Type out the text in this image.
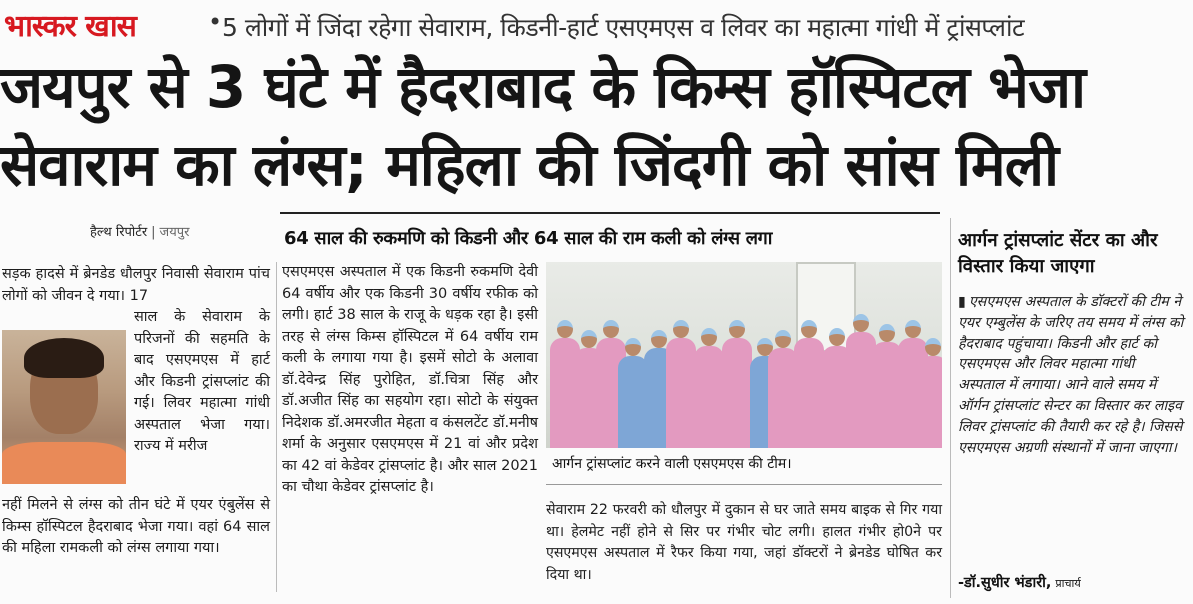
भास्कर खास	• 5 लोगों में जिंदा रहेगा सेवाराम, किडनी-हार्ट एसएमएस व लिवर का महात्मा गांधी में ट्रांसप्लांट
जयपुर से 3 घंटे में हैदराबाद के किम्स हॉस्पिटल भेजा
सेवाराम का लंग्स; महिला की जिंदगी को सांस मिली
हैल्थ रिपोर्टर | जयपुर

सड़क हादसे में ब्रेनडेड धौलपुर निवासी सेवाराम पांच लोगों को जीवन दे गया। 17

साल के सेवाराम के परिजनों की सहमति के बाद एसएमएस में हार्ट और किडनी ट्रांसप्लांट की गई। लिवर महात्मा गांधी अस्पताल भेजा गया। राज्य में मरीज

नहीं मिलने से लंग्स को तीन घंटे में एयर एंबुलेंस से किम्स हॉस्पिटल हैदराबाद भेजा गया। वहां 64 साल की महिला रामकली को लंग्स लगाया गया।

64 साल की रुकमणि को किडनी और 64 साल की राम कली को लंग्स लगा

एसएमएस अस्पताल में एक किडनी रुकमणि देवी 64 वर्षीय और एक किडनी 30 वर्षीय रफीक को लगी। हार्ट 38 साल के राजू के धड़क रहा है। इसी तरह से लंग्स किम्स हॉस्पिटल में 64 वर्षीय राम कली के लगाया गया है। इसमें सोटो के अलावा डॉ.देवेन्द्र सिंह पुरोहित, डॉ.चित्रा सिंह और डॉ.अजीत सिंह का सहयोग रहा। सोटो के संयुक्त निदेशक डॉ.अमरजीत मेहता व कंसलटेंट डॉ.मनीष शर्मा के अनुसार एसएमएस में 21 वां और प्रदेश का 42 वां केडेवर ट्रांसप्लांट है। और साल 2021 का चौथा केडेवर ट्रांसप्लांट है।

आर्गन ट्रांसप्लांट करने वाली एसएमएस की टीम।

सेवाराम 22 फरवरी को धौलपुर में दुकान से घर जाते समय बाइक से गिर गया था। हेलमेट नहीं होने से सिर पर गंभीर चोट लगी। हालत गंभीर हो0ने पर एसएमएस अस्पताल में रैफर किया गया, जहां डॉक्टरों ने ब्रेनडेड घोषित कर दिया था।

आर्गन ट्रांसप्लांट सेंटर का और विस्तार किया जाएगा

▮ एसएमएस अस्पताल के डॉक्टरों की टीम ने एयर एम्बुलेंस के जरिए तय समय में लंग्स को हैदराबाद पहुंचाया। किडनी और हार्ट को एसएमएस और लिवर महात्मा गांधी अस्पताल में लगाया। आने वाले समय में ऑर्गन ट्रांसप्लांट सेन्टर का विस्तार कर लाइव लिवर ट्रांसप्लांट की तैयारी कर रहे है। जिससे एसएमएस अग्रणी संस्थानों में जाना जाएगा।

-डॉ.सुधीर भंडारी, प्राचार्य
